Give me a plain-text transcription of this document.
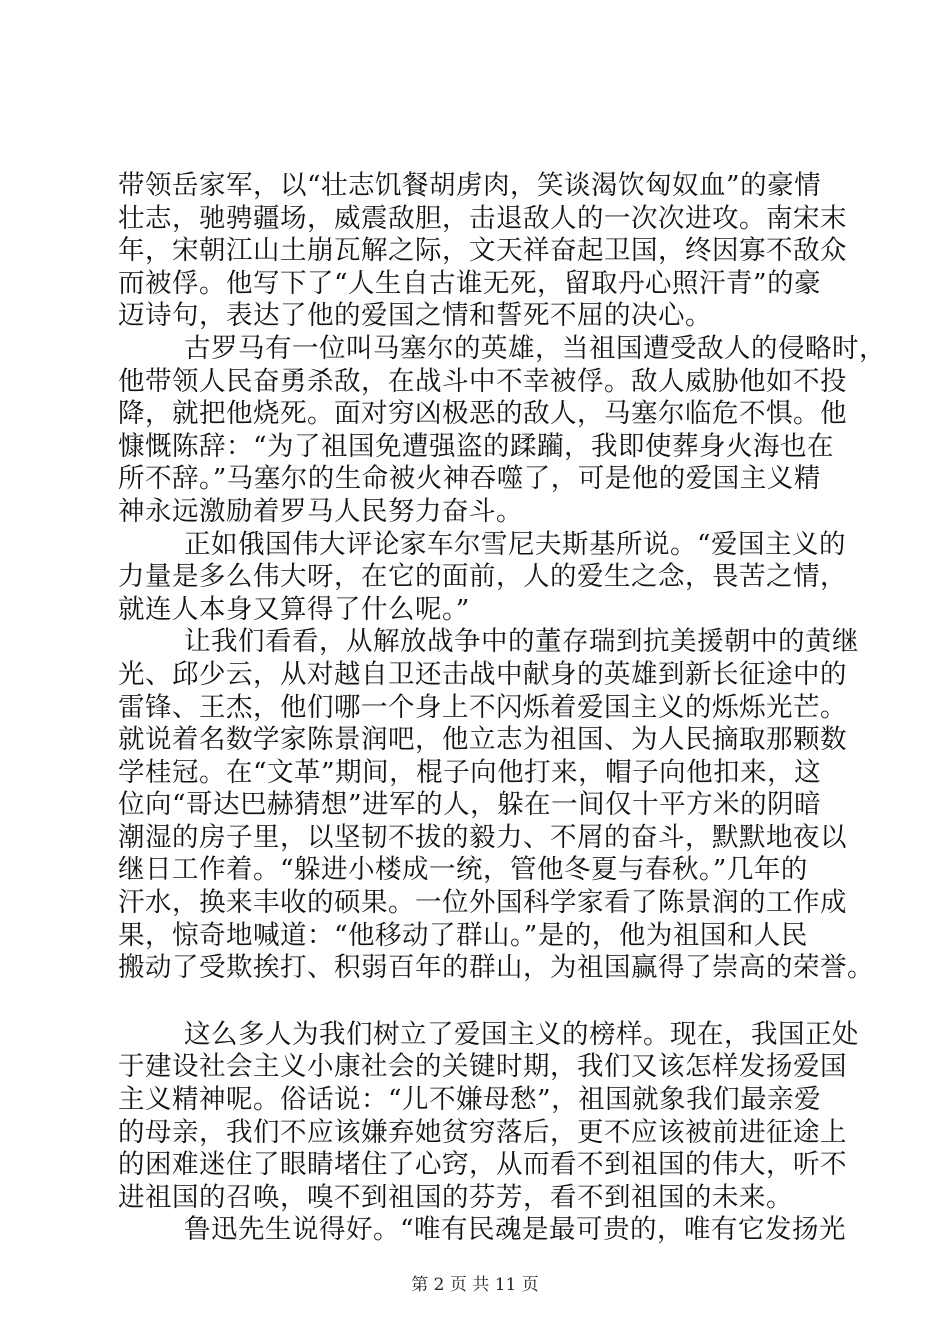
带领岳家军，以“壮志饥餐胡虏肉，笑谈渴饮匈奴血”的豪情
壮志，驰骋疆场，威震敌胆，击退敌人的一次次进攻。南宋末
年，宋朝江山土崩瓦解之际，文天祥奋起卫国，终因寡不敌众
而被俘。他写下了“人生自古谁无死，留取丹心照汗青”的豪
迈诗句，表达了他的爱国之情和誓死不屈的决心。
古罗马有一位叫马塞尔的英雄，当祖国遭受敌人的侵略时，
他带领人民奋勇杀敌，在战斗中不幸被俘。敌人威胁他如不投
降，就把他烧死。面对穷凶极恶的敌人，马塞尔临危不惧。他
慷慨陈辞：“为了祖国免遭强盗的蹂躏，我即使葬身火海也在
所不辞。”马塞尔的生命被火神吞噬了，可是他的爱国主义精
神永远激励着罗马人民努力奋斗。
正如俄国伟大评论家车尔雪尼夫斯基所说。“爱国主义的
力量是多么伟大呀，在它的面前，人的爱生之念，畏苦之情，
就连人本身又算得了什么呢。”
让我们看看，从解放战争中的董存瑞到抗美援朝中的黄继
光、邱少云，从对越自卫还击战中献身的英雄到新长征途中的
雷锋、王杰，他们哪一个身上不闪烁着爱国主义的烁烁光芒。
就说着名数学家陈景润吧，他立志为祖国、为人民摘取那颗数
学桂冠。在“文革”期间，棍子向他打来，帽子向他扣来，这
位向“哥达巴赫猜想”进军的人，躲在一间仅十平方米的阴暗
潮湿的房子里，以坚韧不拔的毅力、不屑的奋斗，默默地夜以
继日工作着。“躲进小楼成一统，管他冬夏与春秋。”几年的
汗水，换来丰收的硕果。一位外国科学家看了陈景润的工作成
果，惊奇地喊道：“他移动了群山。”是的，他为祖国和人民
搬动了受欺挨打、积弱百年的群山，为祖国赢得了崇高的荣誉。
这么多人为我们树立了爱国主义的榜样。现在，我国正处
于建设社会主义小康社会的关键时期，我们又该怎样发扬爱国
主义精神呢。俗话说：“儿不嫌母愁”，祖国就象我们最亲爱
的母亲，我们不应该嫌弃她贫穷落后，更不应该被前进征途上
的困难迷住了眼睛堵住了心窍，从而看不到祖国的伟大，听不
进祖国的召唤，嗅不到祖国的芬芳，看不到祖国的未来。
鲁迅先生说得好。“唯有民魂是最可贵的，唯有它发扬光
第 2 页 共 11 页
